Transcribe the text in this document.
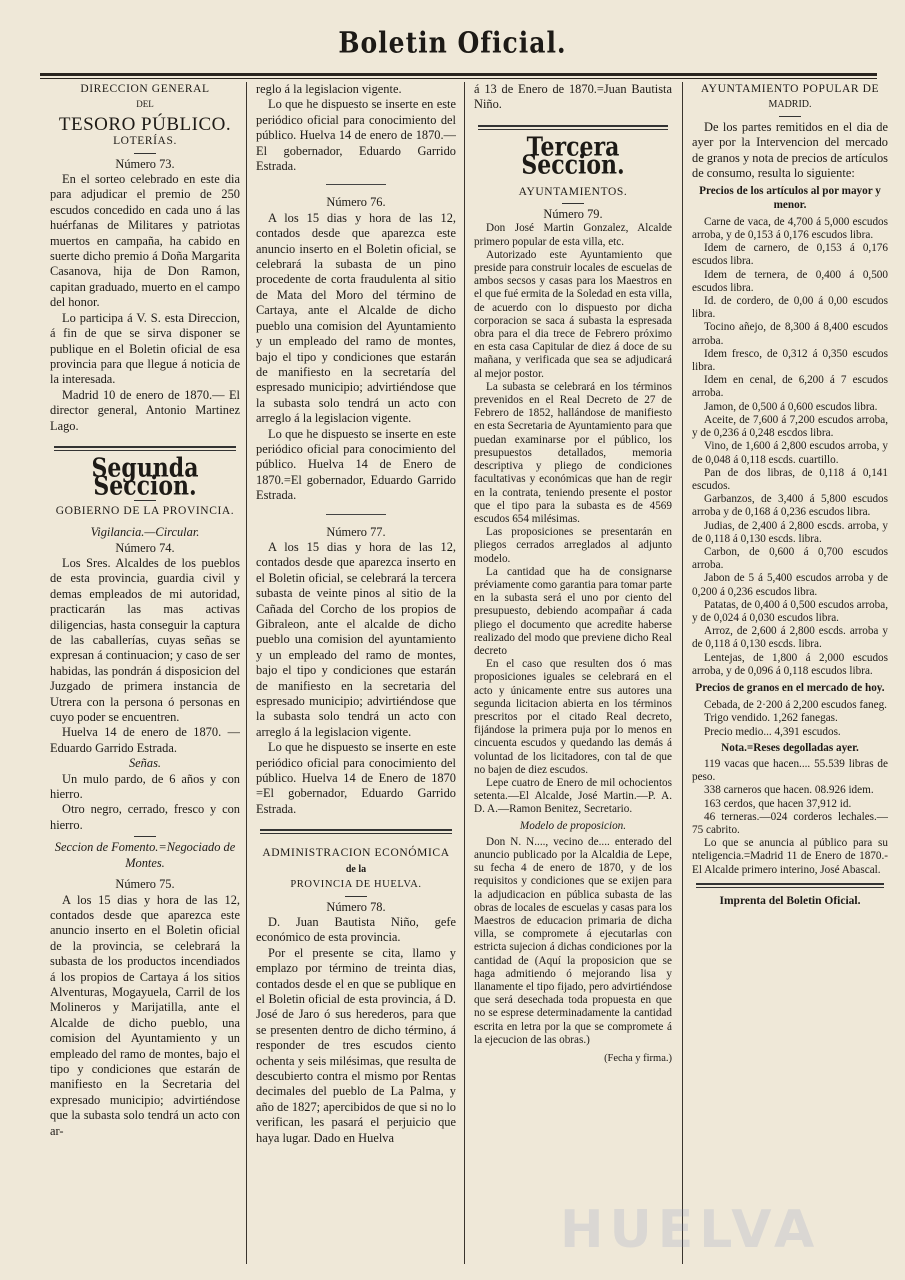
Boletin Oficial.
DIRECCION GENERAL
DEL
TESORO PÚBLICO.
LOTERÍAS.
Número 73.

En el sorteo celebrado en este dia para adjudicar el premio de 250 escudos concedido en cada uno á las huérfanas de Militares y patriotas muertos en campaña, ha cabido en suerte dicho premio á Doña Margarita Casanova, hija de Don Ramon, capitan graduado, muerto en el campo del honor.

Lo participa á V. S. esta Direccion, á fin de que se sirva disponer se publique en el Boletin oficial de esa provincia para que llegue á noticia de la interesada.

Madrid 10 de enero de 1870.— El director general, Antonio Martinez Lago.

Segunda Seccion.
GOBIERNO DE LA PROVINCIA.
Vigilancia.—Circular.
Número 74.

Los Sres. Alcaldes de los pueblos de esta provincia, guardia civil y demas empleados de mi autoridad, practicarán las mas activas diligencias, hasta conseguir la captura de las caballerías, cuyas señas se expresan á continuacion; y caso de ser habidas, las pondrán á disposicion del Juzgado de primera instancia de Utrera con la persona ó personas en cuyo poder se encuentren.

Huelva 14 de enero de 1870. —Eduardo Garrido Estrada.

Señas.

Un mulo pardo, de 6 años y con hierro.

Otro negro, cerrado, fresco y con hierro.

Seccion de Fomento.=Negociado de Montes.
Número 75.

A los 15 dias y hora de las 12, contados desde que aparezca este anuncio inserto en el Boletin oficial de la provincia, se celebrará la subasta de los productos incendiados á los propios de Cartaya á los sitios Alventuras, Mogayuela, Carril de los Molineros y Marijatilla, ante el Alcalde de dicho pueblo, una comision del Ayuntamiento y un empleado del ramo de montes, bajo el tipo y condiciones que estarán de manifiesto en la Secretaria del expresado municipio; advirtiéndose que la subasta solo tendrá un acto con ar-

reglo á la legislacion vigente.

Lo que he dispuesto se inserte en este periódico oficial para conocimiento del público. Huelva 14 de enero de 1870.—El gobernador, Eduardo Garrido Estrada.

Número 76.

A los 15 dias y hora de las 12, contados desde que aparezca este anuncio inserto en el Boletin oficial, se celebrará la subasta de un pino procedente de corta fraudulenta al sitio de Mata del Moro del término de Cartaya, ante el Alcalde de dicho pueblo una comision del Ayuntamiento y un empleado del ramo de montes, bajo el tipo y condiciones que estarán de manifiesto en la secretaría del espresado municipio; advirtiéndose que la subasta solo tendrá un acto con arreglo á la legislacion vigente.

Lo que he dispuesto se inserte en este periódico oficial para conocimiento del público. Huelva 14 de Enero de 1870.=El gobernador, Eduardo Garrido Estrada.

Número 77.

A los 15 dias y hora de las 12, contados desde que aparezca inserto en el Boletin oficial, se celebrará la tercera subasta de veinte pinos al sitio de la Cañada del Corcho de los propios de Gibraleon, ante el alcalde de dicho pueblo una comision del ayuntamiento y un empleado del ramo de montes, bajo el tipo y condiciones que estarán de manifiesto en la secretaria del espresado municipio; advirtiéndose que la subasta solo tendrá un acto con arreglo á la legislacion vigente.

Lo que he dispuesto se inserte en este periódico oficial para conocimiento del público. Huelva 14 de Enero de 1870 =El gobernador, Eduardo Garrido Estrada.

ADMINISTRACION ECONÓMICA
de la
PROVINCIA DE HUELVA.
Número 78.

D. Juan Bautista Niño, gefe económico de esta provincia.

Por el presente se cita, llamo y emplazo por término de treinta dias, contados desde el en que se publique en el Boletin oficial de esta provincia, á D. José de Jaro ó sus herederos, para que se presenten dentro de dicho término, á responder de tres escudos ciento ochenta y seis milésimas, que resulta de descubierto contra el mismo por Rentas decimales del pueblo de La Palma, y año de 1827; apercibidos de que si no lo verifican, les pasará el perjuicio que haya lugar. Dado en Huelva

á 13 de Enero de 1870.=Juan Bautista Niño.

Tercera Seccion.
AYUNTAMIENTOS.
Número 79.

Don José Martin Gonzalez, Alcalde primero popular de esta villa, etc.

Autorizado este Ayuntamiento que preside para construir locales de escuelas de ambos secsos y casas para los Maestros en el que fué ermita de la Soledad en esta villa, de acuerdo con lo dispuesto por dicha corporacion se saca á subasta la espresada obra para el dia trece de Febrero próximo en esta casa Capitular de diez á doce de su mañana, y verificada que sea se adjudicará al mejor postor.

La subasta se celebrará en los términos prevenidos en el Real Decreto de 27 de Febrero de 1852, hallándose de manifiesto en esta Secretaria de Ayuntamiento para que puedan examinarse por el público, los presupuestos detallados, memoria descriptiva y pliego de condiciones facultativas y económicas que han de regir en la contrata, teniendo presente el postor que el tipo para la subasta es de 4569 escudos 654 milésimas.

Las proposiciones se presentarán en pliegos cerrados arreglados al adjunto modelo.

La cantidad que ha de consignarse préviamente como garantia para tomar parte en la subasta será el uno por ciento del presupuesto, debiendo acompañar á cada pliego el documento que acredite haberse realizado del modo que previene dicho Real decreto

En el caso que resulten dos ó mas proposiciones iguales se celebrará en el acto y únicamente entre sus autores una segunda licitacion abierta en los términos prescritos por el citado Real decreto, fijándose la primera puja por lo menos en cincuenta escudos y quedando las demás á voluntad de los licitadores, con tal de que no bajen de diez escudos.

Lepe cuatro de Enero de mil ochocientos setenta.—El Alcalde, José Martin.—P. A. D. A.—Ramon Benitez, Secretario.

Modelo de proposicion.

Don N. N...., vecino de.... enterado del anuncio publicado por la Alcaldia de Lepe, su fecha 4 de enero de 1870, y de los requisitos y condiciones que se exijen para la adjudicacion en pública subasta de las obras de locales de escuelas y casas para los Maestros de educacion primaria de dicha villa, se compromete á ejecutarlas con estricta sujecion á dichas condiciones por la cantidad de (Aquí la proposicion que se haga admitiendo ó mejorando lisa y llanamente el tipo fijado, pero advirtiéndose que será desechada toda propuesta en que no se esprese determinadamente la cantidad escrita en letra por la que se compromete á la ejecucion de las obras.)

(Fecha y firma.)
AYUNTAMIENTO POPULAR DE
MADRID.

De los partes remitidos en el dia de ayer por la Intervencion del mercado de granos y nota de precios de artículos de consumo, resulta lo siguiente:

Precios de los artículos al por mayor y menor.

Carne de vaca, de 4,700 á 5,000 escudos arroba, y de 0,153 á 0,176 escudos libra.

Idem de carnero, de 0,153 á 0,176 escudos libra.

Idem de ternera, de 0,400 á 0,500 escudos libra.

Id. de cordero, de 0,00 á 0,00 escudos libra.

Tocino añejo, de 8,300 á 8,400 escudos arroba.

Idem fresco, de 0,312 á 0,350 escudos libra.

Idem en cenal, de 6,200 á 7 escudos arroba.

Jamon, de 0,500 á 0,600 escudos libra.

Aceite, de 7,600 á 7,200 escudos arroba, y de 0,236 á 0,248 escdos libra.

Vino, de 1,600 á 2,800 escudos arroba, y de 0,048 á 0,118 escds. cuartillo.

Pan de dos libras, de 0,118 á 0,141 escudos.

Garbanzos, de 3,400 á 5,800 escudos arroba y de 0,168 á 0,236 escudos libra.

Judias, de 2,400 á 2,800 escds. arroba, y de 0,118 á 0,130 escds. libra.

Carbon, de 0,600 á 0,700 escudos arroba.

Jabon de 5 á 5,400 escudos arroba y de 0,200 á 0,236 escudos libra.

Patatas, de 0,400 á 0,500 escudos arroba, y de 0,024 á 0,030 escudos libra.

Arroz, de 2,600 á 2,800 escds. arroba y de 0,118 á 0,130 escds. libra.

Lentejas, de 1,800 á 2,000 escudos arroba, y de 0,096 á 0,118 escudos libra.

Precios de granos en el mercado de hoy.

Cebada, de 2·200 á 2,200 escudos faneg.

Trigo vendido. 1,262 fanegas.

Precio medio... 4,391 escudos.

Nota.=Reses degolladas ayer.

119 vacas que hacen.... 55.539 libras de peso.

338 carneros que hacen. 08.926 idem.

163 cerdos, que hacen 37,912 id.

46 terneras.—024 corderos lechales.—75 cabrito.

Lo que se anuncia al público para su nteligencia.=Madrid 11 de Enero de 1870.-El Alcalde primero interino, José Abascal.

Imprenta del Boletin Oficial.
HUELVA
